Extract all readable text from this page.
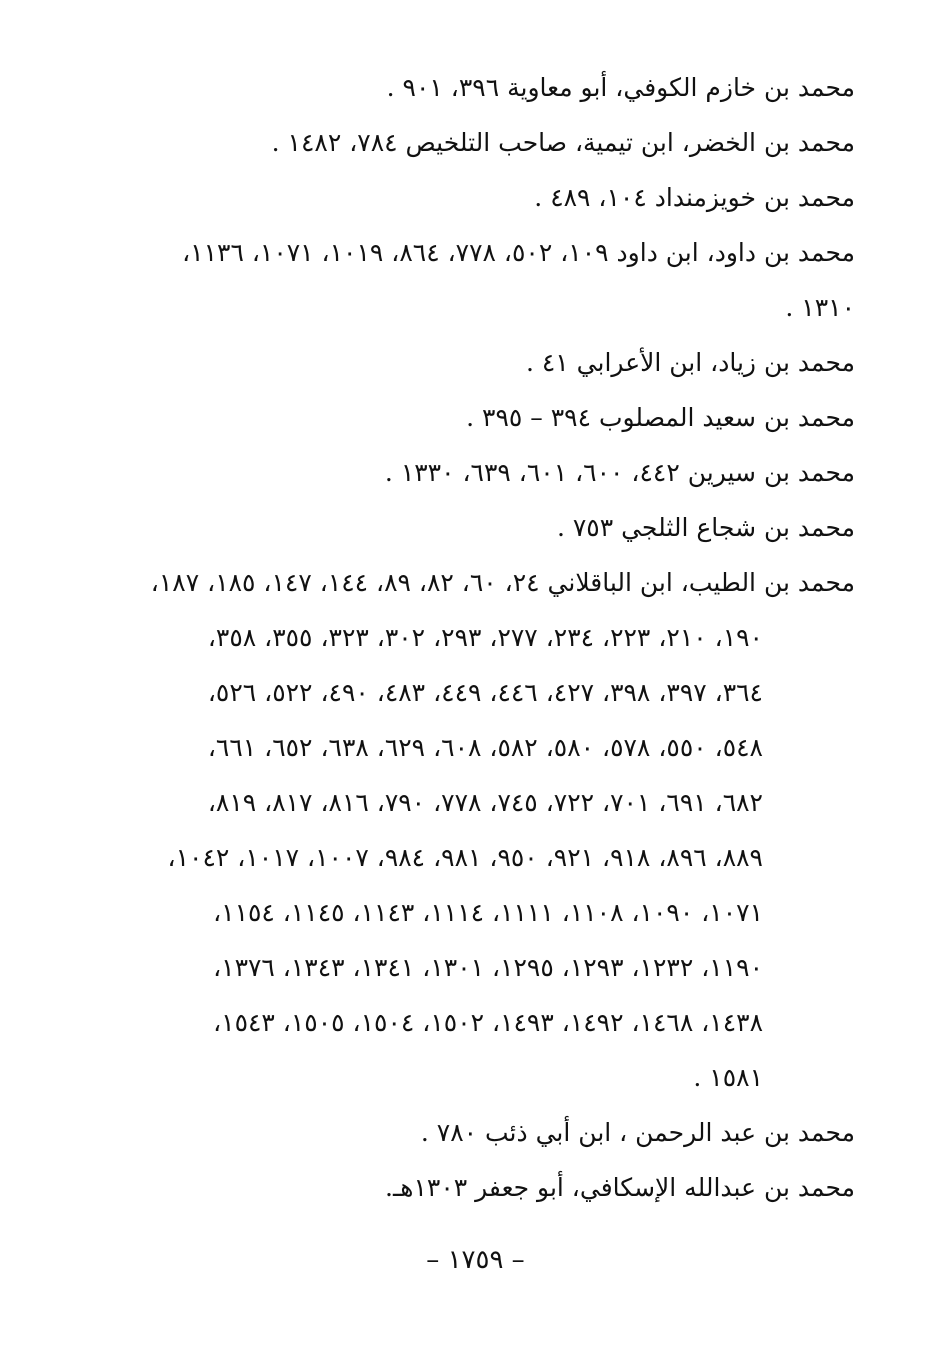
محمد بن خازم الكوفي، أبو معاوية ٣٩٦، ٩٠١ .
محمد بن الخضر، ابن تيمية، صاحب التلخيص ٧٨٤، ١٤٨٢ .
محمد بن خويزمنداد ١٠٤، ٤٨٩ .
محمد بن داود، ابن داود ١٠٩، ٥٠٢، ٧٧٨، ٨٦٤، ١٠١٩، ١٠٧١، ١١٣٦،
١٣١٠ .
محمد بن زياد، ابن الأعرابي ٤١ .
محمد بن سعيد المصلوب ٣٩٤ – ٣٩٥ .
محمد بن سيرين ٤٤٢، ٦٠٠، ٦٠١، ٦٣٩، ١٣٣٠ .
محمد بن شجاع الثلجي ٧٥٣ .
محمد بن الطيب، ابن الباقلاني ٢٤، ٦٠، ٨٢، ٨٩، ١٤٤، ١٤٧، ١٨٥، ١٨٧،
١٩٠، ٢١٠، ٢٢٣، ٢٣٤، ٢٧٧، ٢٩٣، ٣٠٢، ٣٢٣، ٣٥٥، ٣٥٨،
٣٦٤، ٣٩٧، ٣٩٨، ٤٢٧، ٤٤٦، ٤٤٩، ٤٨٣، ٤٩٠، ٥٢٢، ٥٢٦،
٥٤٨، ٥٥٠، ٥٧٨، ٥٨٠، ٥٨٢، ٦٠٨، ٦٢٩، ٦٣٨، ٦٥٢، ٦٦١،
٦٨٢، ٦٩١، ٧٠١، ٧٢٢، ٧٤٥، ٧٧٨، ٧٩٠، ٨١٦، ٨١٧، ٨١٩،
٨٨٩، ٨٩٦، ٩١٨، ٩٢١، ٩٥٠، ٩٨١، ٩٨٤، ١٠٠٧، ١٠١٧، ١٠٤٢،
١٠٧١، ١٠٩٠، ١١٠٨، ١١١١، ١١١٤، ١١٤٣، ١١٤٥، ١١٥٤،
١١٩٠، ١٢٣٢، ١٢٩٣، ١٢٩٥، ١٣٠١، ١٣٤١، ١٣٤٣، ١٣٧٦،
١٤٣٨، ١٤٦٨، ١٤٩٢، ١٤٩٣، ١٥٠٢، ١٥٠٤، ١٥٠٥، ١٥٤٣،
١٥٨١ .
محمد بن عبد الرحمن ، ابن أبي ذئب ٧٨٠ .
محمد بن عبدالله الإسكافي، أبو جعفر ١٣٠٣هـ.
– ١٧٥٩ –
